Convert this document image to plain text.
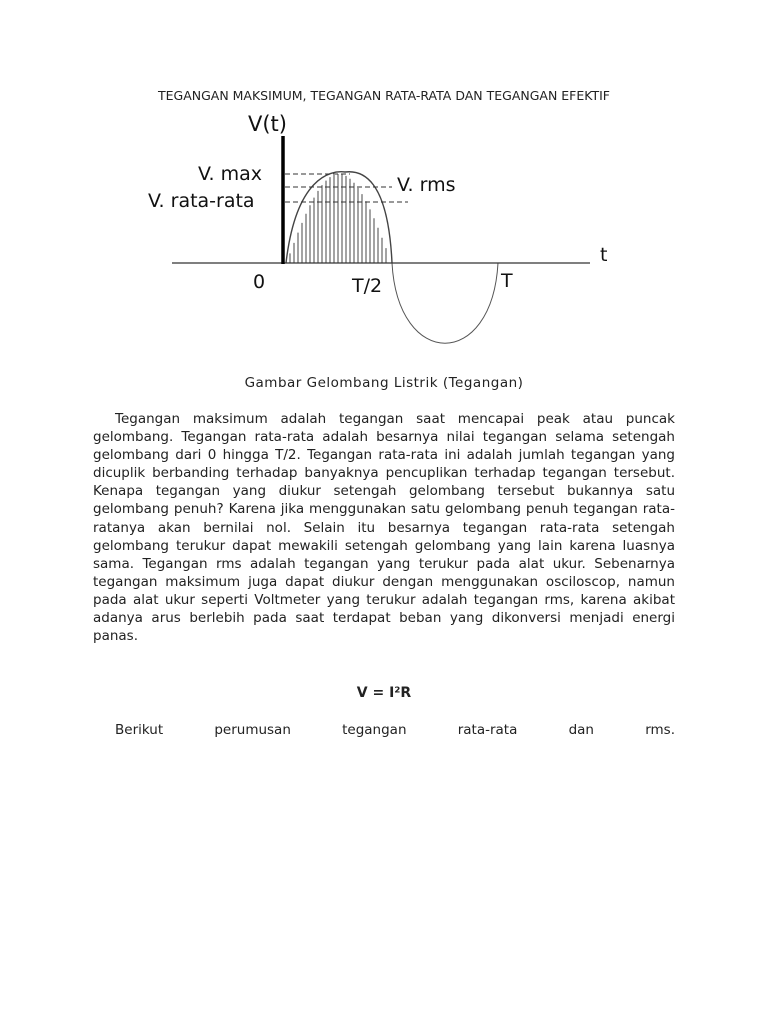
TEGANGAN MAKSIMUM, TEGANGAN RATA-RATA DAN TEGANGAN EFEKTIF
V(t)
V. max
V. rata-rata
V. rms
t
0	T/2	T
Gambar Gelombang Listrik (Tegangan)

Tegangan maksimum adalah tegangan saat mencapai peak atau puncak gelombang. Tegangan rata-rata adalah besarnya nilai tegangan selama setengah gelombang dari 0 hingga T/2. Tegangan rata-rata ini adalah jumlah tegangan yang dicuplik berbanding terhadap banyaknya pencuplikan terhadap tegangan tersebut. Kenapa tegangan yang diukur setengah gelombang tersebut bukannya satu gelombang penuh? Karena jika menggunakan satu gelombang penuh tegangan rata-ratanya akan bernilai nol. Selain itu besarnya tegangan rata-rata setengah gelombang terukur dapat mewakili setengah gelombang yang lain karena luasnya sama. Tegangan rms adalah tegangan yang terukur pada alat ukur. Sebenarnya tegangan maksimum juga dapat diukur dengan menggunakan osciloscop, namun pada alat ukur seperti Voltmeter yang terukur adalah tegangan rms, karena akibat adanya arus berlebih pada saat terdapat beban yang dikonversi menjadi energi panas.

V = I²R

Berikut perumusan tegangan rata-rata dan rms.
